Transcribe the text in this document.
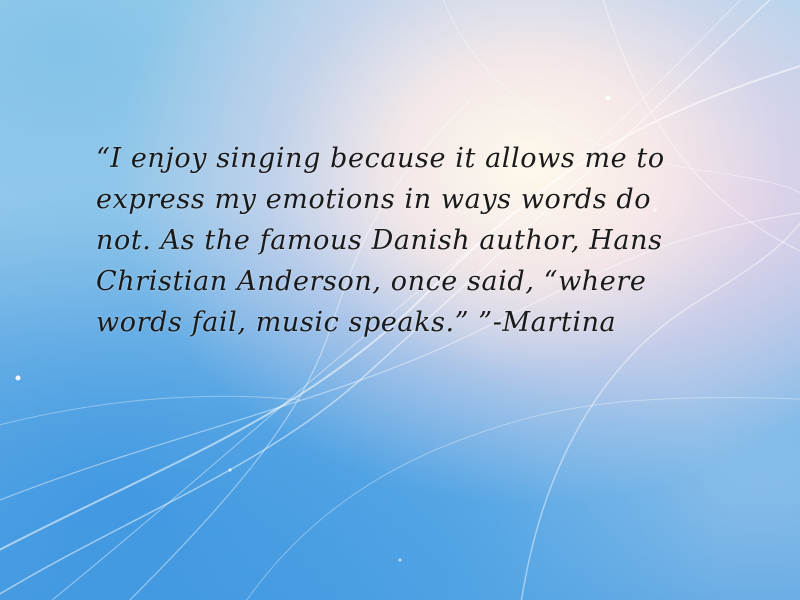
“I enjoy singing because it allows me to
express my emotions in ways words do
not. As the famous Danish author, Hans
Christian Anderson, once said, “where
words fail, music speaks.” ”-Martina
